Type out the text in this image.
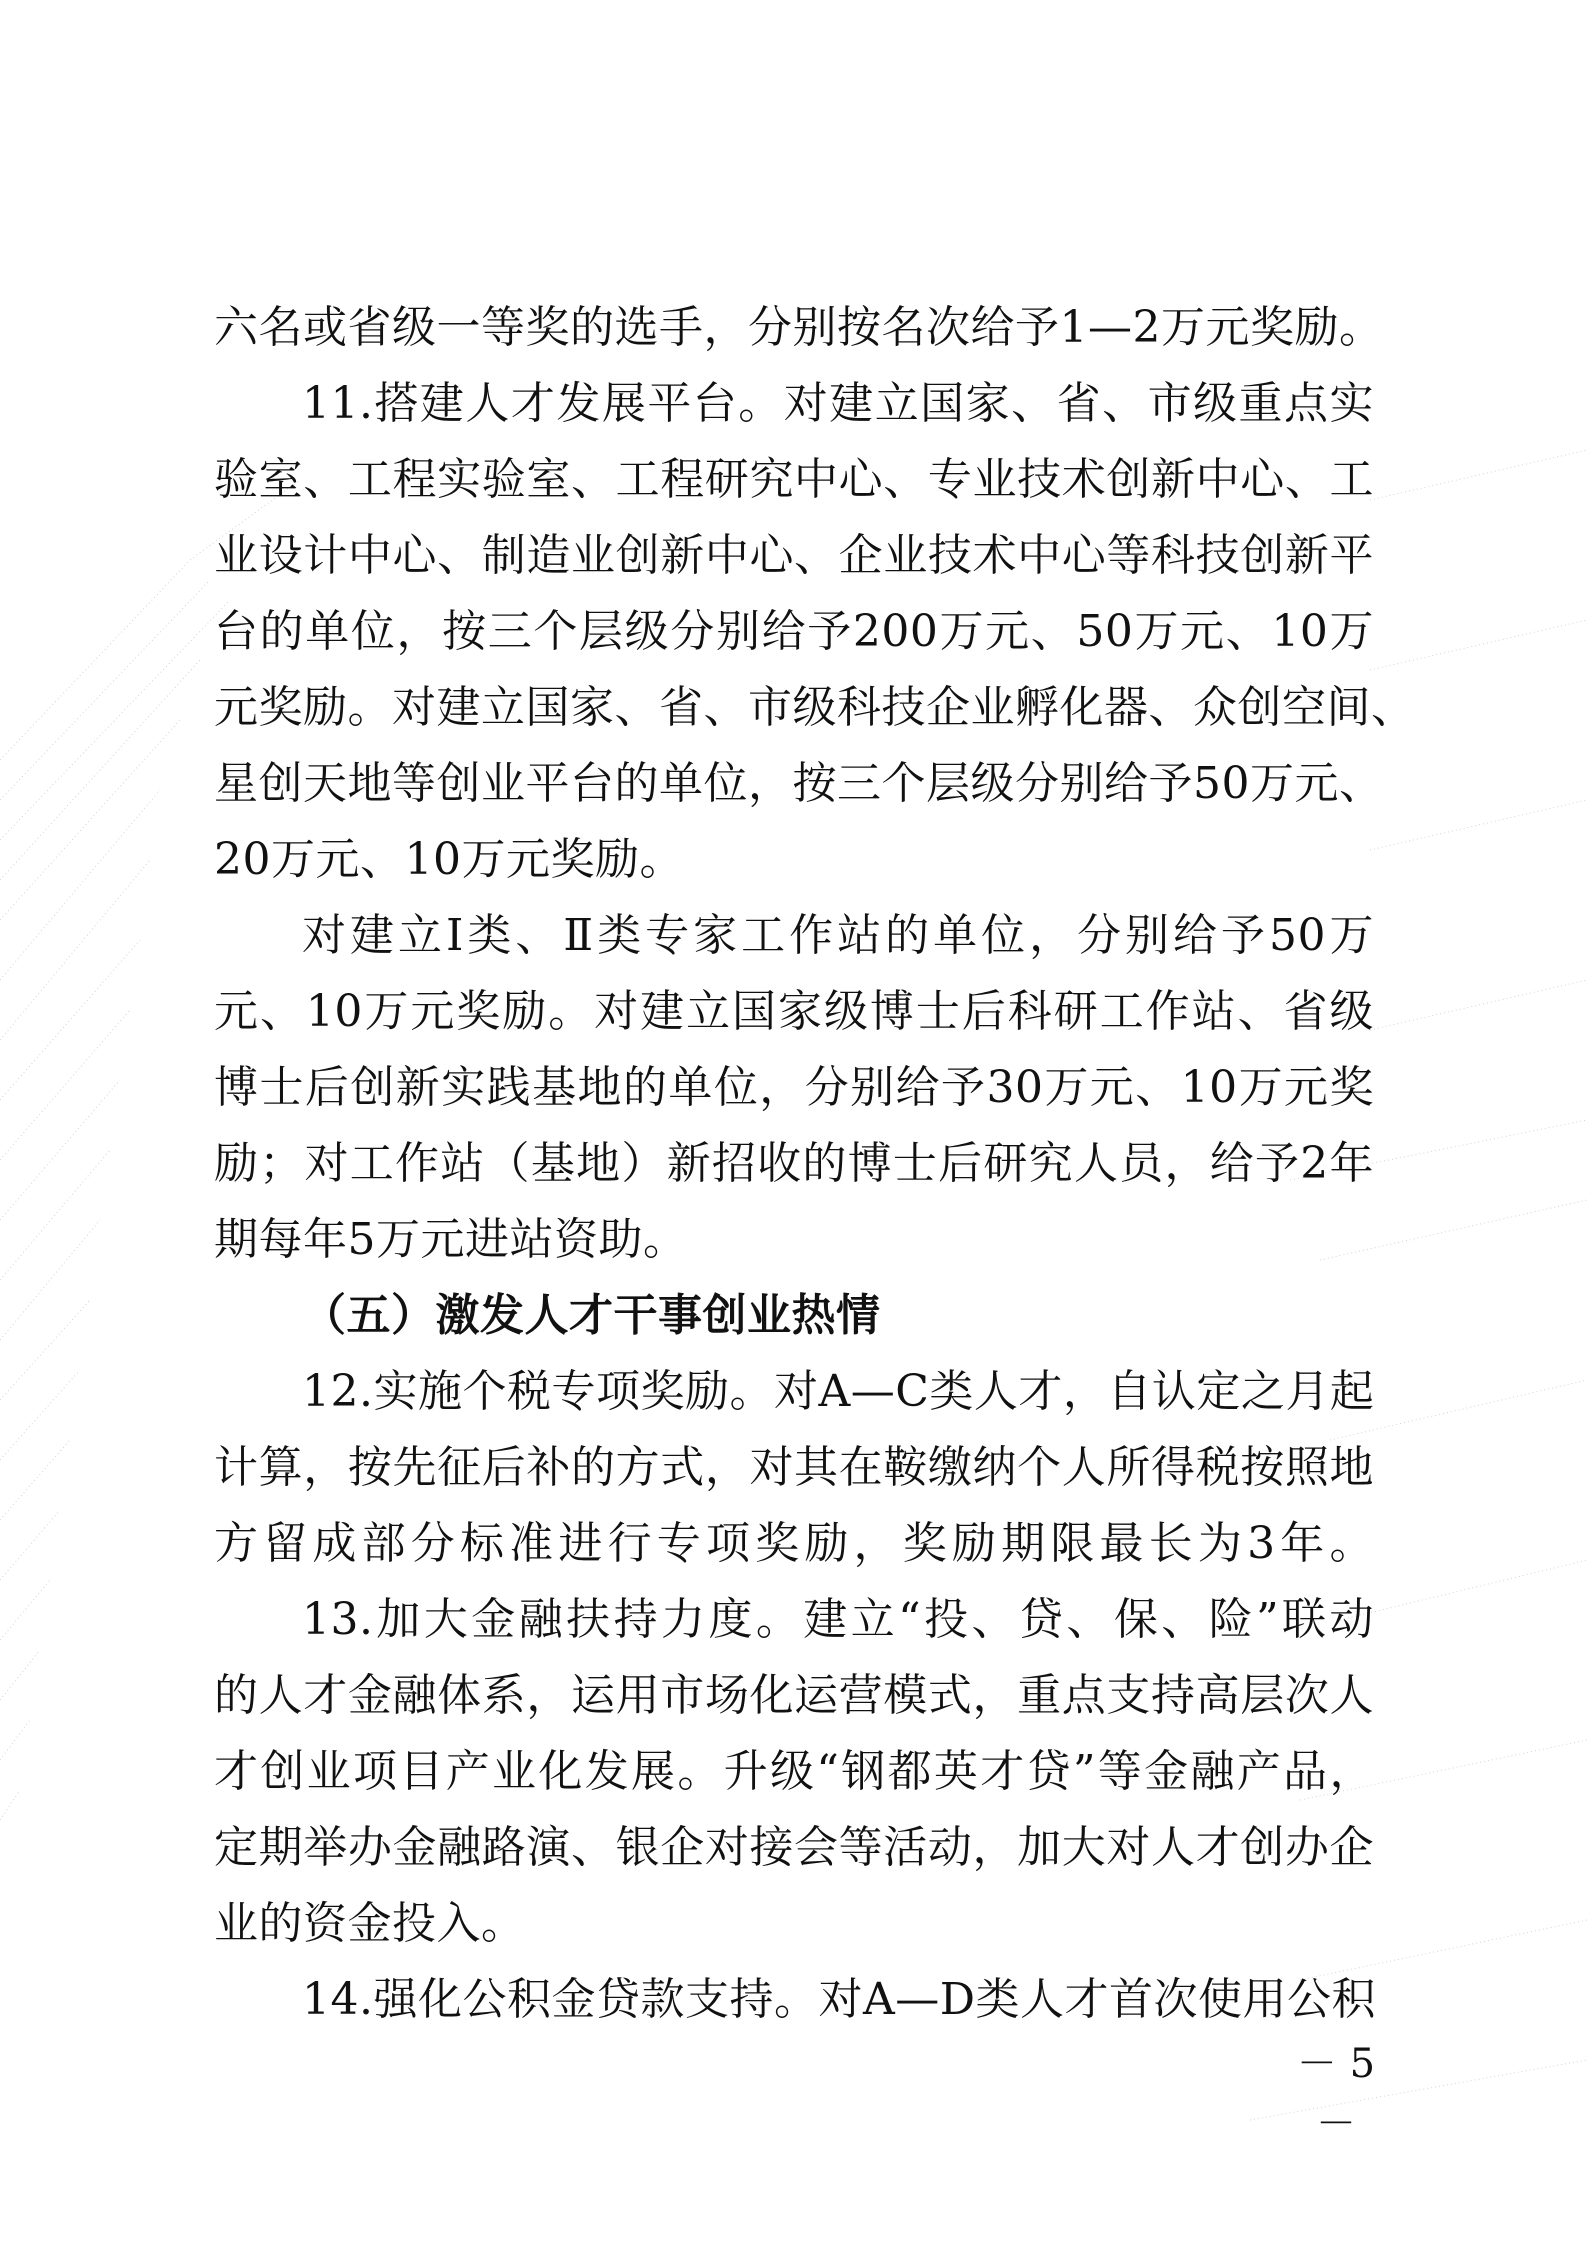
六名或省级一等奖的选手，分别按名次给予1—2万元奖励。
11.搭建人才发展平台。对建立国家、省、市级重点实
验室、工程实验室、工程研究中心、专业技术创新中心、工
业设计中心、制造业创新中心、企业技术中心等科技创新平
台的单位，按三个层级分别给予200万元、50万元、10万
元奖励。对建立国家、省、市级科技企业孵化器、众创空间、
星创天地等创业平台的单位，按三个层级分别给予50万元、
20万元、10万元奖励。
对建立Ⅰ类、Ⅱ类专家工作站的单位，分别给予50万
元、10万元奖励。对建立国家级博士后科研工作站、省级
博士后创新实践基地的单位，分别给予30万元、10万元奖
励；对工作站（基地）新招收的博士后研究人员，给予2年
期每年5万元进站资助。
（五）激发人才干事创业热情
12.实施个税专项奖励。对A—C类人才，自认定之月起
计算，按先征后补的方式，对其在鞍缴纳个人所得税按照地
方留成部分标准进行专项奖励，奖励期限最长为3年。
13.加大金融扶持力度。建立“投、贷、保、险”联动
的人才金融体系，运用市场化运营模式，重点支持高层次人
才创业项目产业化发展。升级“钢都英才贷”等金融产品，
定期举办金融路演、银企对接会等活动，加大对人才创办企
业的资金投入。
14.强化公积金贷款支持。对A—D类人才首次使用公积
－ 5 －
